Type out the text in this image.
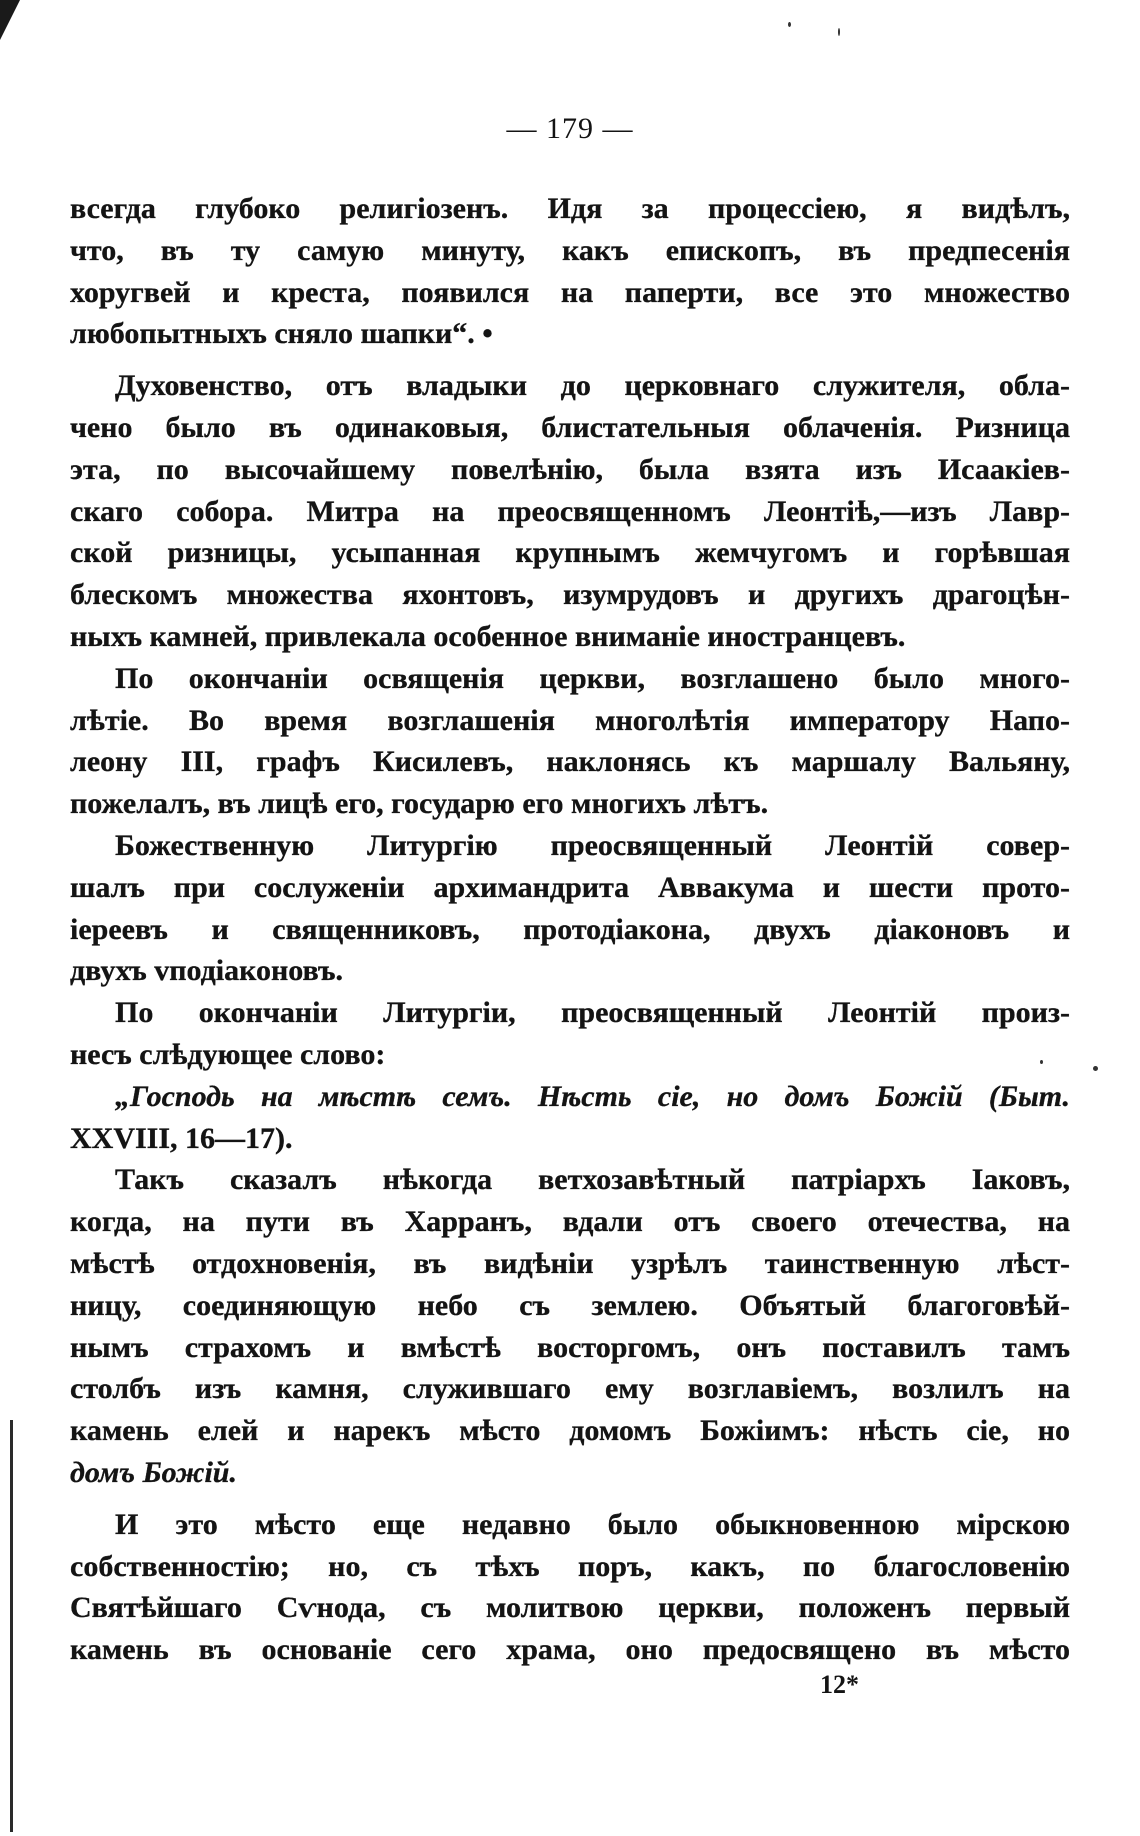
— 179 —
всегда глубоко религіозенъ. Идя за процессіею, я видѣлъ,
что, въ ту самую минуту, какъ епископъ, въ предпесенія
хоругвей и креста, появился на паперти, все это множество
любопытныхъ сняло шапки“. •
Духовенство, отъ владыки до церковнаго служителя, обла-
чено было въ одинаковыя, блистательныя облаченія. Ризница
эта, по высочайшему повелѣнію, была взята изъ Исаакіев-
скаго собора. Митра на преосвященномъ Леонтіѣ,—изъ Лавр-
ской ризницы, усыпанная крупнымъ жемчугомъ и горѣвшая
блескомъ множества яхонтовъ, изумрудовъ и другихъ драгоцѣн-
ныхъ камней, привлекала особенное вниманіе иностранцевъ.
По окончаніи освященія церкви, возглашено было много-
лѣтіе. Во время возглашенія многолѣтія императору Напо-
леону III, графъ Кисилевъ, наклонясь къ маршалу Вальяну,
пожелалъ, въ лицѣ его, государю его многихъ лѣтъ.
Божественную Литургію преосвященный Леонтій совер-
шалъ при сослуженіи архимандрита Аввакума и шести прото-
іереевъ и священниковъ, протодіакона, двухъ діаконовъ и
двухъ vподіаконовъ.
По окончаніи Литургіи, преосвященный Леонтій произ-
несъ слѣдующее слово:
„Господь на мѣстѣ семъ. Нѣсть сіе, но домъ Божій (Быт.
XXVIII, 16—17).
Такъ сказалъ нѣкогда ветхозавѣтный патріархъ Іаковъ,
когда, на пути въ Харранъ, вдали отъ своего отечества, на
мѣстѣ отдохновенія, въ видѣніи узрѣлъ таинственную лѣст-
ницу, соединяющую небо съ землею. Объятый благоговѣй-
нымъ страхомъ и вмѣстѣ восторгомъ, онъ поставилъ тамъ
столбъ изъ камня, служившаго ему возглавіемъ, возлилъ на
камень елей и нарекъ мѣсто домомъ Божіимъ: нѣсть сіе, но
домъ Божій.
И это мѣсто еще недавно было обыкновенною мірскою
собственностію; но, съ тѣхъ поръ, какъ, по благословенію
Святѣйшаго Сѵнода, съ молитвою церкви, положенъ первый
камень въ основаніе сего храма, оно предосвящено въ мѣсто
12*
